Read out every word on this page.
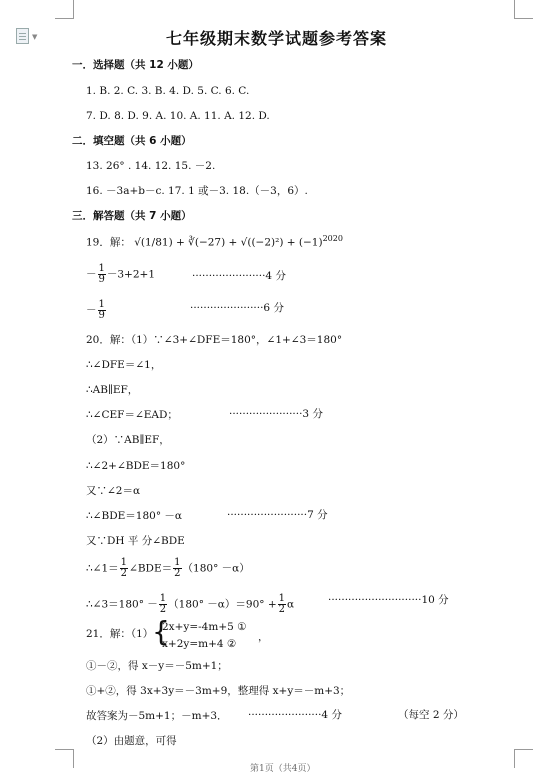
▼	七年级期末数学试题参考答案
一．选择题（共 12 小题）
1. B. 2. C. 3. B. 4. D. 5. C. 6. C.
7. D. 8. D. 9. A. 10. A. 11. A. 12. D.
二．填空题（共 6 小题）
13. 26° . 14. 12. 15. －2.
16. －3a+b－c. 17. 1 或－3. 18.（－3，6）.
三．解答题（共 7 小题）
19．解： √(1/81) + ∛(−27) + $√((-2)^2) + (-1)^{2020}$
－ $\frac{1}{9} -3+2+1$	······················4 分
－ $\frac{1}{9}$	······················6 分
20．解：（1）∵∠3+∠DFE＝180°，∠1+∠3＝180°
∴∠DFE＝∠1，
∴AB∥EF，
∴∠CEF＝∠EAD；	······················3 分
（2）∵AB∥EF，
∴∠2+∠BDE＝180°
又∵∠2＝α
∴∠BDE＝180° －α	························7 分
又∵DH 平 分∠BDE
∴∠1＝ $\frac{1}{2}$ ∠BDE＝ $\frac{1}{2} (180^\circ -\alpha)$
∴∠3＝180° － $\frac{1}{2} (180^\circ -\alpha)=90^\circ + \frac{1}{2}$ α	····························10 分
21．解：（1）
{
2x+y=-4m+5 ①
x+2y=m+4 ②
，
①－②，得 x－y＝－5m+1；
①+②，得 3x+3y＝－3m+9，整理得 x+y＝－m+3；
故答案为－5m+1；－m+3． ······················4 分	（每空 2 分）
（2）由题意，可得
第1页（共4页）
